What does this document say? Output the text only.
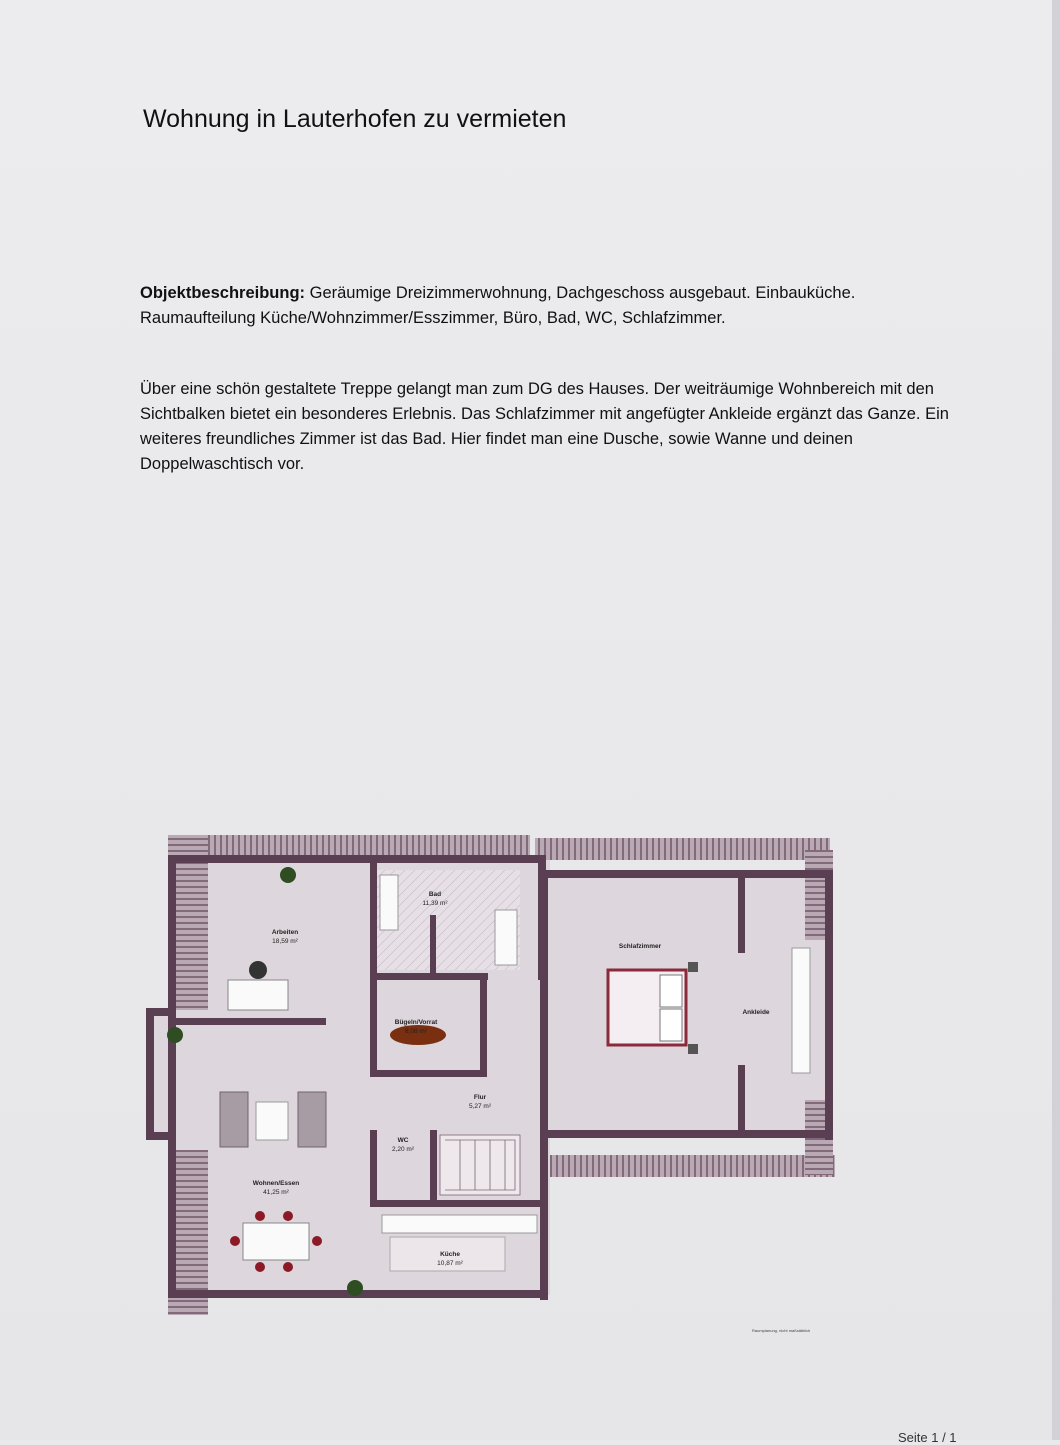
Wohnung in Lauterhofen zu vermieten

Objektbeschreibung: Geräumige Dreizimmerwohnung, Dachgeschoss ausgebaut. Einbauküche. Raumaufteilung Küche/Wohnzimmer/Esszimmer, Büro, Bad, WC, Schlafzimmer.

Über eine schön gestaltete Treppe gelangt man zum DG des Hauses. Der weiträumige Wohnbereich mit den Sichtbalken bietet ein besonderes Erlebnis. Das Schlafzimmer mit angefügter Ankleide ergänzt das Ganze. Ein weiteres freundliches Zimmer ist das Bad. Hier findet man eine Dusche, sowie Wanne und deinen Doppelwaschtisch vor.

Arbeiten
18,59 m²
Bad
11,39 m²
Bügeln/Vorrat
8,08 m²
Schlafzimmer
Ankleide
Flur
5,27 m²
WC
2,20 m²
Wohnen/Essen
41,25 m²
Küche
10,87 m²
Raumplanung, nicht maßstäblich
Seite 1 / 1
